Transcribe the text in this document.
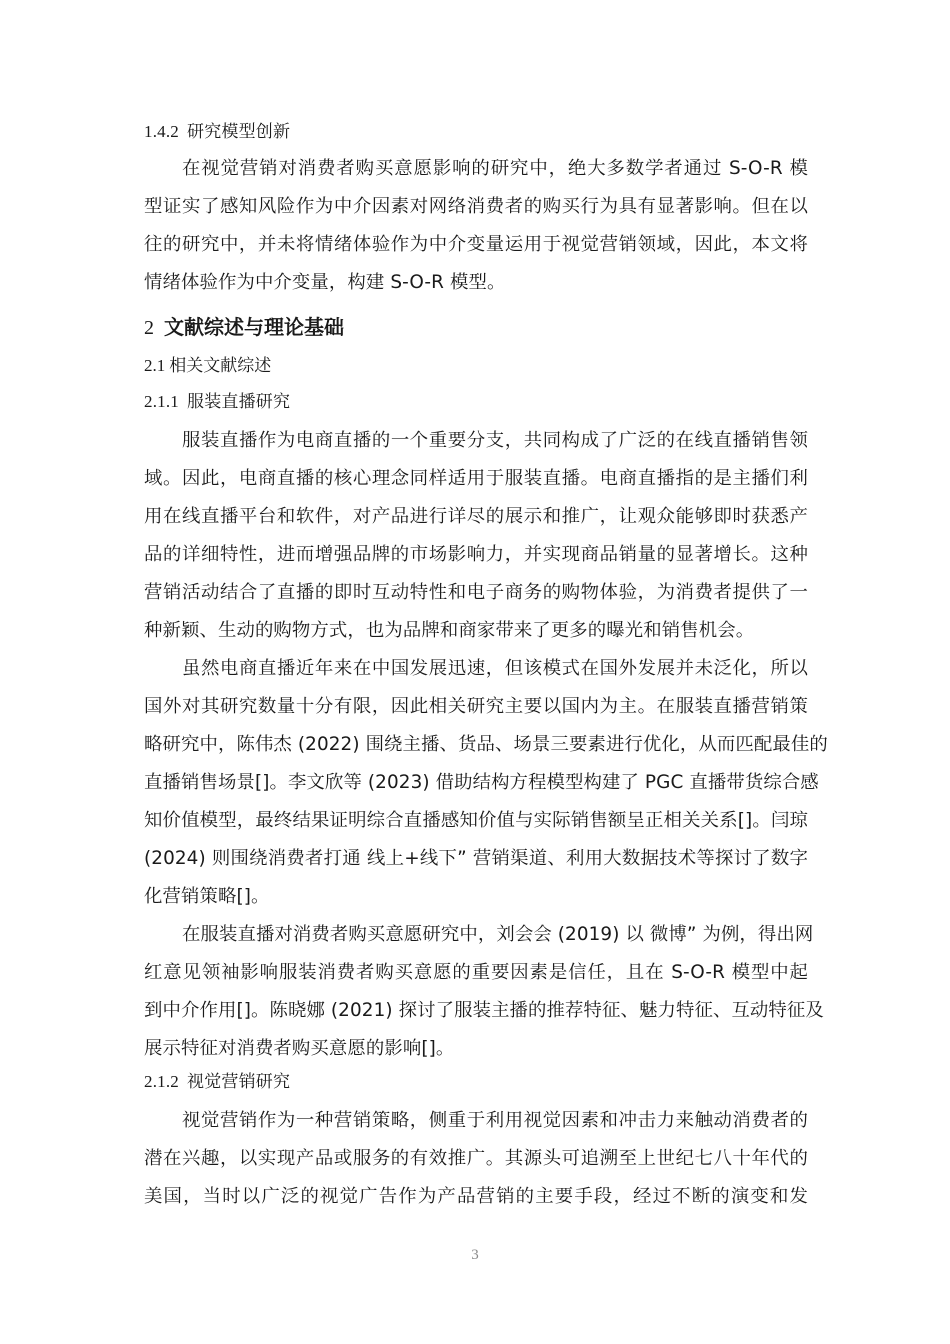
1.4.2 研究模型创新
在视觉营销对消费者购买意愿影响的研究中，绝大多数学者通过 S-O-R 模
型证实了感知风险作为中介因素对网络消费者的购买行为具有显著影响。但在以
往的研究中，并未将情绪体验作为中介变量运用于视觉营销领域，因此，本文将
情绪体验作为中介变量，构建 S-O-R 模型。
2 文献综述与理论基础
2.1 相关文献综述
2.1.1 服装直播研究
服装直播作为电商直播的一个重要分支，共同构成了广泛的在线直播销售领
域。因此，电商直播的核心理念同样适用于服装直播。电商直播指的是主播们利
用在线直播平台和软件，对产品进行详尽的展示和推广，让观众能够即时获悉产
品的详细特性，进而增强品牌的市场影响力，并实现商品销量的显著增长。这种
营销活动结合了直播的即时互动特性和电子商务的购物体验，为消费者提供了一
种新颖、生动的购物方式，也为品牌和商家带来了更多的曝光和销售机会。
虽然电商直播近年来在中国发展迅速，但该模式在国外发展并未泛化，所以
国外对其研究数量十分有限，因此相关研究主要以国内为主。在服装直播营销策
略研究中，陈伟杰 (2022) 围绕主播、货品、场景三要素进行优化，从而匹配最佳的
直播销售场景[]。李文欣等 (2023) 借助结构方程模型构建了 PGC 直播带货综合感
知价值模型，最终结果证明综合直播感知价值与实际销售额呈正相关关系[]。闫琼
(2024) 则围绕消费者打通 线上+线下” 营销渠道、利用大数据技术等探讨了数字
化营销策略[]。
在服装直播对消费者购买意愿研究中，刘会会 (2019) 以 微博” 为例，得出网
红意见领袖影响服装消费者购买意愿的重要因素是信任，且在 S-O-R 模型中起
到中介作用[]。陈晓娜 (2021) 探讨了服装主播的推荐特征、魅力特征、互动特征及
展示特征对消费者购买意愿的影响[]。
2.1.2 视觉营销研究
视觉营销作为一种营销策略，侧重于利用视觉因素和冲击力来触动消费者的
潜在兴趣，以实现产品或服务的有效推广。其源头可追溯至上世纪七八十年代的
美国，当时以广泛的视觉广告作为产品营销的主要手段，经过不断的演变和发
3
